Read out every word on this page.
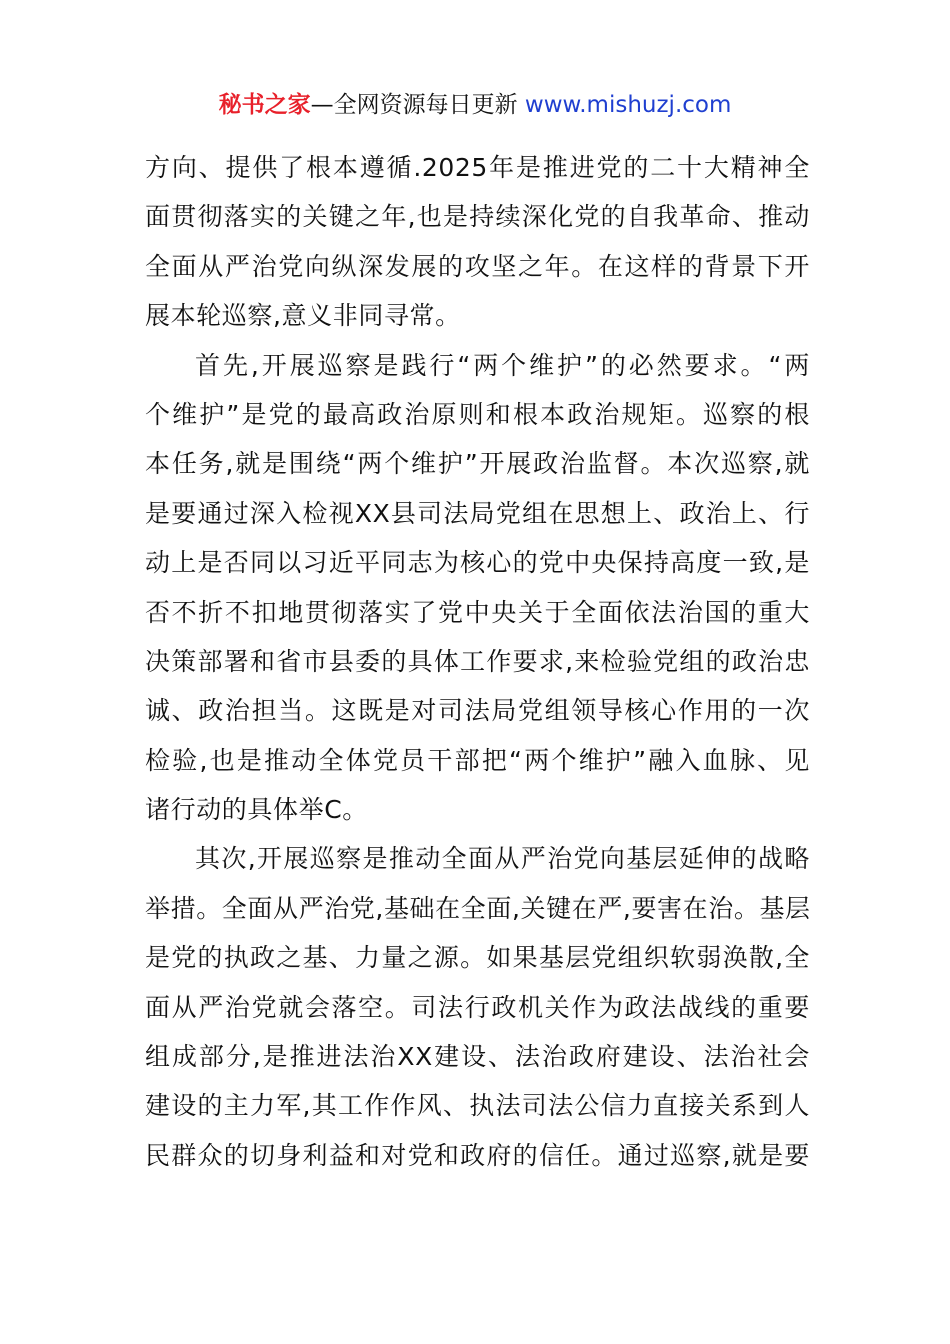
秘书之家—全网资源每日更新 www.mishuzj.com
方向、提供了根本遵循.2025年是推进党的二十大精神全
面贯彻落实的关键之年,也是持续深化党的自我革命、推动
全面从严治党向纵深发展的攻坚之年。在这样的背景下开
展本轮巡察,意义非同寻常。
首先,开展巡察是践行“两个维护”的必然要求。“两
个维护”是党的最高政治原则和根本政治规矩。巡察的根
本任务,就是围绕“两个维护”开展政治监督。本次巡察,就
是要通过深入检视XX县司法局党组在思想上、政治上、行
动上是否同以习近平同志为核心的党中央保持高度一致,是
否不折不扣地贯彻落实了党中央关于全面依法治国的重大
决策部署和省市县委的具体工作要求,来检验党组的政治忠
诚、政治担当。这既是对司法局党组领导核心作用的一次
检验,也是推动全体党员干部把“两个维护”融入血脉、见
诸行动的具体举C。
其次,开展巡察是推动全面从严治党向基层延伸的战略
举措。全面从严治党,基础在全面,关键在严,要害在治。基层
是党的执政之基、力量之源。如果基层党组织软弱涣散,全
面从严治党就会落空。司法行政机关作为政法战线的重要
组成部分,是推进法治XX建设、法治政府建设、法治社会
建设的主力军,其工作作风、执法司法公信力直接关系到人
民群众的切身利益和对党和政府的信任。通过巡察,就是要
